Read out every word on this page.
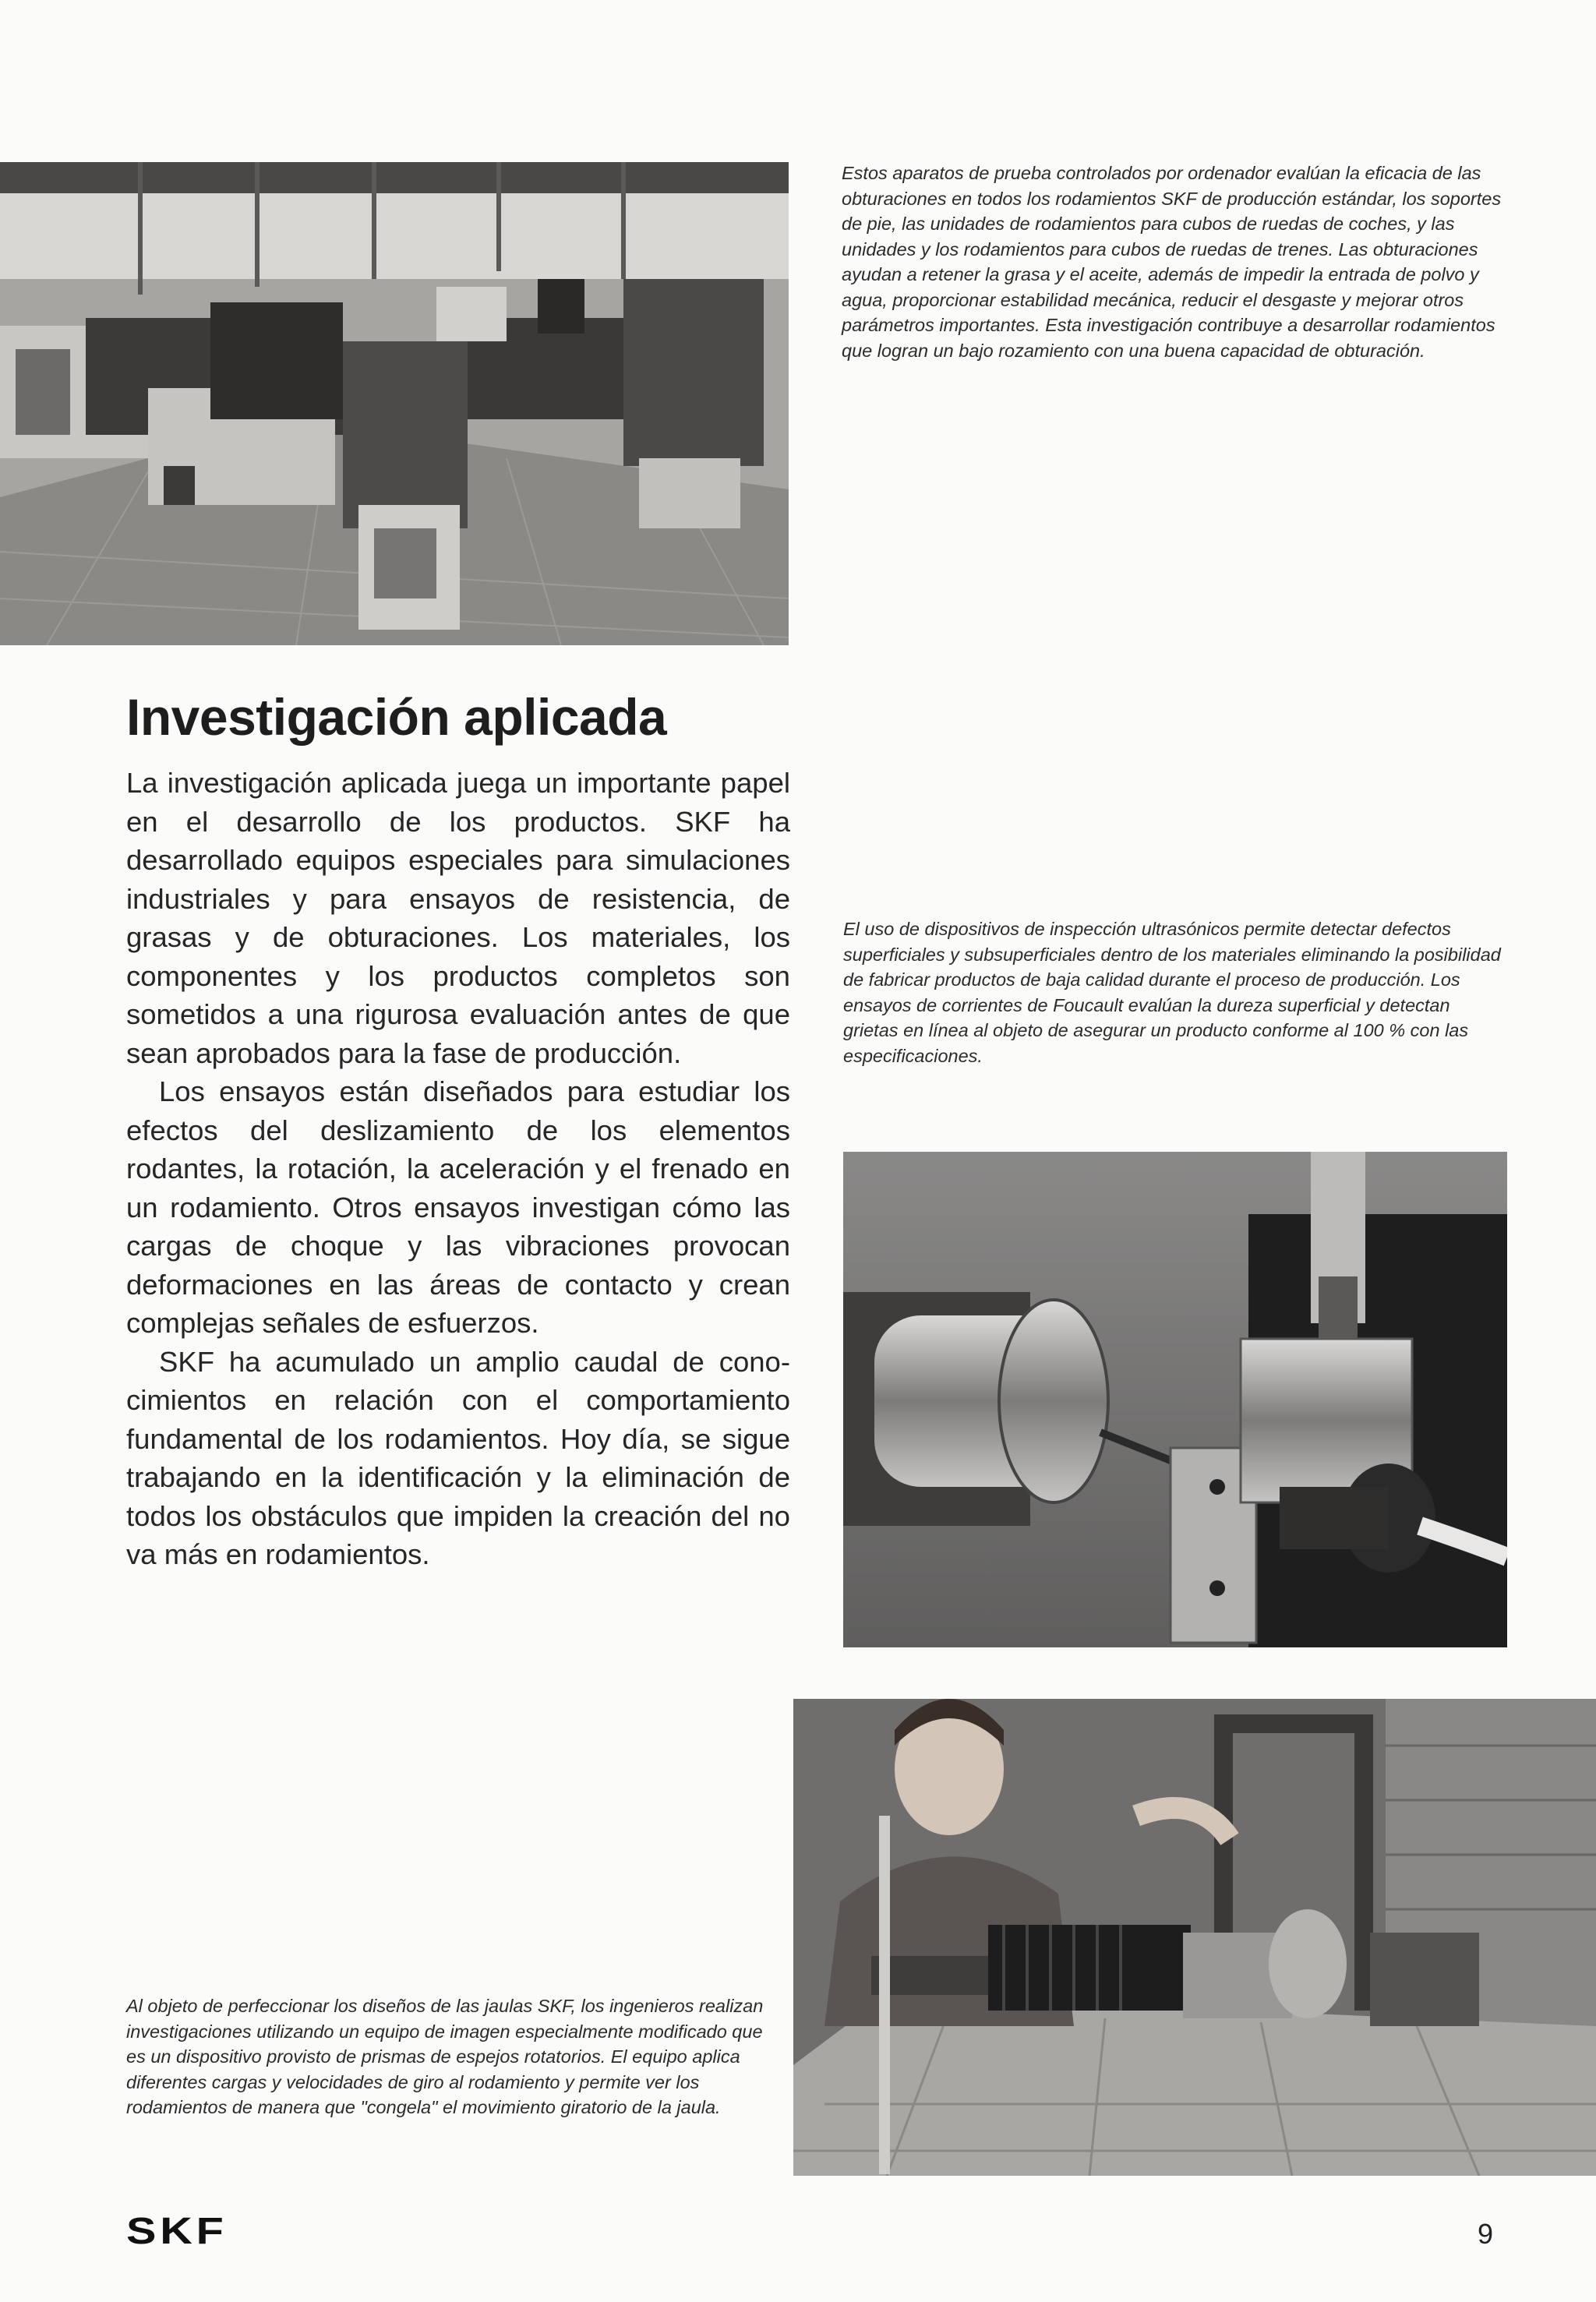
Estos aparatos de prueba controlados por ordenador evalúan la eficacia de las obturaciones en todos los rodamientos SKF de producción estándar, los soportes de pie, las unidades de rodamientos para cubos de ruedas de coches, y las unidades y los rodamientos para cubos de ruedas de trenes. Las obturaciones ayudan a retener la grasa y el aceite, además de impedir la entrada de polvo y agua, proporcionar estabilidad mecánica, reducir el desgaste y mejorar otros parámetros importantes. Esta investigación contribuye a desarrollar rodamientos que logran un bajo rozamiento con una buena capacidad de obturación.

Investigación aplicada

La investigación aplicada juega un importante papel en el desarrollo de los productos. SKF ha desarrollado equipos especiales para simulaciones industriales y para ensayos de resistencia, de grasas y de obturaciones. Los materiales, los componentes y los productos completos son sometidos a una rigurosa evaluación antes de que sean aprobados para la fase de producción.

Los ensayos están diseñados para estudiar los efectos del deslizamiento de los elementos rodantes, la rotación, la aceleración y el frenado en un rodamiento. Otros ensayos investigan cómo las cargas de choque y las vibraciones provocan deformaciones en las áreas de contacto y crean complejas señales de esfuerzos.

SKF ha acumulado un amplio caudal de conocimientos en relación con el comportamiento fundamental de los rodamientos. Hoy día, se sigue trabajando en la identificación y la eliminación de todos los obstáculos que impiden la creación del no va más en rodamientos.

El uso de dispositivos de inspección ultrasónicos permite detectar defectos superficiales y subsuperficiales dentro de los materiales eliminando la posibilidad de fabricar productos de baja calidad durante el proceso de producción. Los ensayos de corrientes de Foucault evalúan la dureza superficial y detectan grietas en línea al objeto de asegurar un producto conforme al 100 % con las especificaciones.

Al objeto de perfeccionar los diseños de las jaulas SKF, los ingenieros realizan investigaciones utilizando un equipo de imagen especialmente modificado que es un dispositivo provisto de prismas de espejos rotatorios. El equipo aplica diferentes cargas y velocidades de giro al rodamiento y permite ver los rodamientos de manera que "congela" el movimiento giratorio de la jaula.

SKF	9
